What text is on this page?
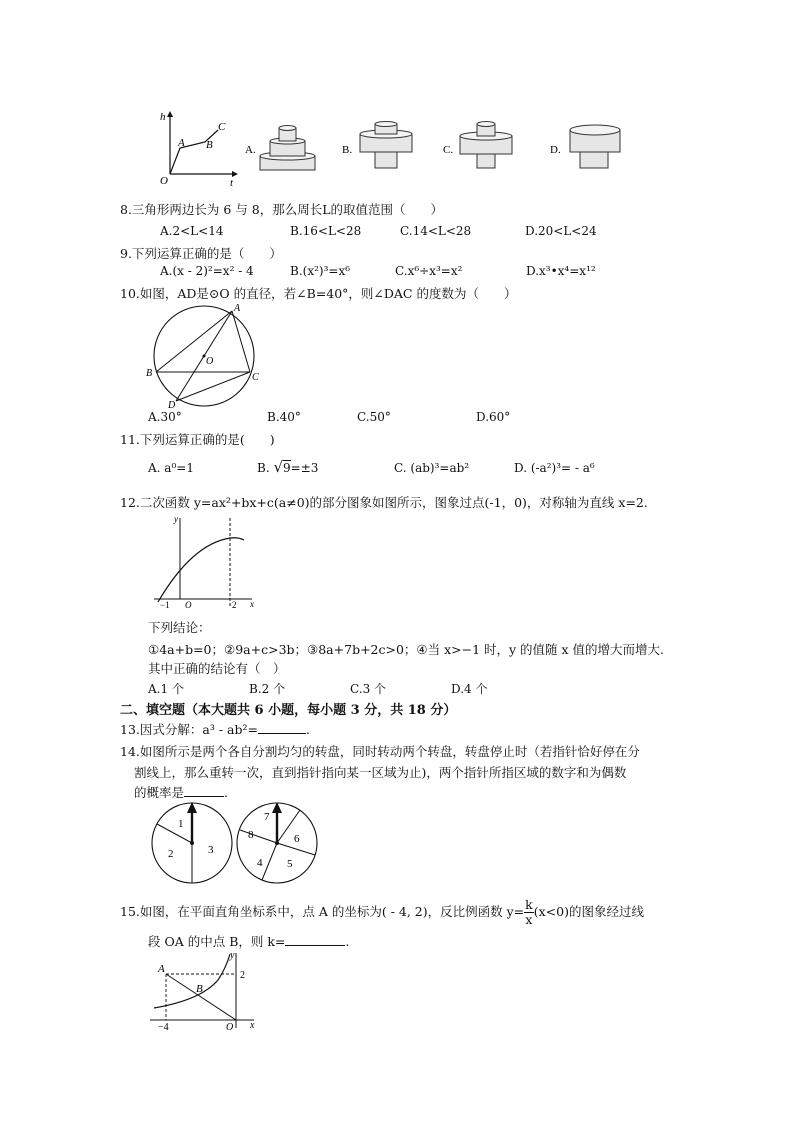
h
t
O
A B
C
A.	B.	C.	D.
8.三角形两边长为 6 与 8，那么周长L的取值范围（　　）
A.2<L<14	B.16<L<28	C.14<L<28	D.20<L<24
9.下列运算正确的是（　　）
A.(x - 2)²=x² - 4	B.(x²)³=x⁶	C.x⁶÷x³=x²	D.x³•x⁴=x¹²
10.如图，AD是⊙O 的直径，若∠B=40°，则∠DAC 的度数为（　　）
A
B	C
D
O
A.30°	B.40°	C.50°	D.60°
11.下列运算正确的是(　　)
A. a⁰=1	B. √9=±3	C. (ab)³=ab²	D. (-a²)³= - a⁶
12.二次函数 y=ax²+bx+c(a≠0)的部分图象如图所示，图象过点(-1，0)，对称轴为直线 x=2.
y
x
O
−1	2
下列结论：
①4a+b=0；②9a+c>3b；③8a+7b+2c>0；④当 x>−1 时，y 的值随 x 值的增大而增大.
其中正确的结论有（　）
A.1 个	B.2 个	C.3 个	D.4 个
二、填空题（本大题共 6 小题，每小题 3 分，共 18 分）
13.因式分解：a³ - ab²=	.
14.如图所示是两个各自分割均匀的转盘，同时转动两个转盘，转盘停止时（若指针恰好停在分
割线上，那么重转一次，直到指针指向某一区域为止)，两个指针所指区域的数字和为偶数
的概率是	.
1
2	3
7
8	6
4 5
15.如图，在平面直角坐标系中，点 A 的坐标为( - 4, 2)，反比例函数 $y= \frac{k}{x} (x<0)$的图象经过线
段 OA 的中点 B，则 k=	.
A
B
y
x
O
2
−4
